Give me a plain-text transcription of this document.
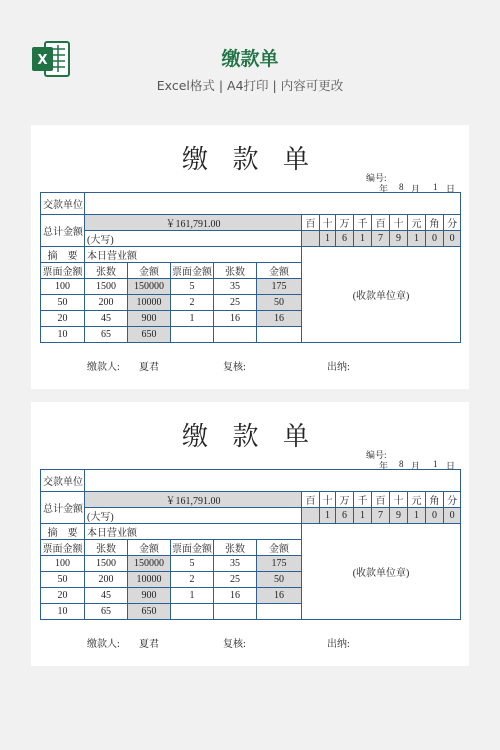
X	缴款单
Excel格式 | A4打印 | 内容可更改
缴 款 单
编号:
年 8 月 1 日
交款单位														
总计金额	￥161,791.00					百	十	万	千	百	十	元	角	分
	(大写)						1	6	1	7	9	1	0	0
摘　要	本日营业额					(收款单位章)								
票面金额	张数	金额	票面金额	张数	金额									
100	1500	150000	5	35	175									
50	200	10000	2	25	50									
20	45	900	1	16	16									
10	65	650												
缴款人: 夏君	复核:	出纳:
缴 款 单
编号:
年 8 月 1 日
交款单位														
总计金额	￥161,791.00					百	十	万	千	百	十	元	角	分
	(大写)						1	6	1	7	9	1	0	0
摘　要	本日营业额					(收款单位章)								
票面金额	张数	金额	票面金额	张数	金额									
100	1500	150000	5	35	175									
50	200	10000	2	25	50									
20	45	900	1	16	16									
10	65	650												
缴款人: 夏君	复核:	出纳:
